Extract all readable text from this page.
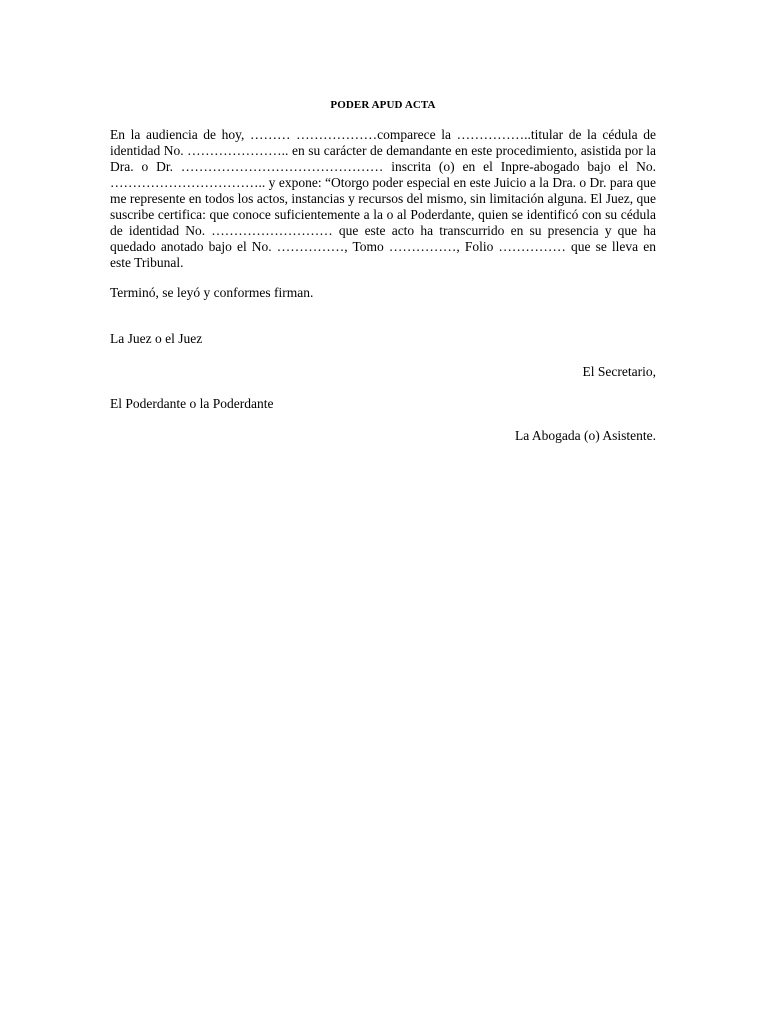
PODER APUD ACTA

En la audiencia de hoy, ……… ………………comparece la ……………..titular de la cédula de identidad No. ………………….. en su carácter de demandante en este procedimiento, asistida por la Dra. o Dr. ……………………………………… inscrita (o) en el Inpre-abogado bajo el No. …………………………….. y expone: “Otorgo poder especial en este Juicio a la Dra. o Dr. para que me represente en todos los actos, instancias y recursos del mismo, sin limitación alguna. El Juez, que suscribe certifica: que conoce suficientemente a la o al Poderdante, quien se identificó con su cédula de identidad No. ……………………… que este acto ha transcurrido en su presencia y que ha quedado anotado bajo el No. ……………, Tomo ……………, Folio …………… que se lleva en este Tribunal.

Terminó, se leyó y conformes firman.

La Juez o el Juez

El Secretario,

El Poderdante o la Poderdante

La Abogada (o) Asistente.
